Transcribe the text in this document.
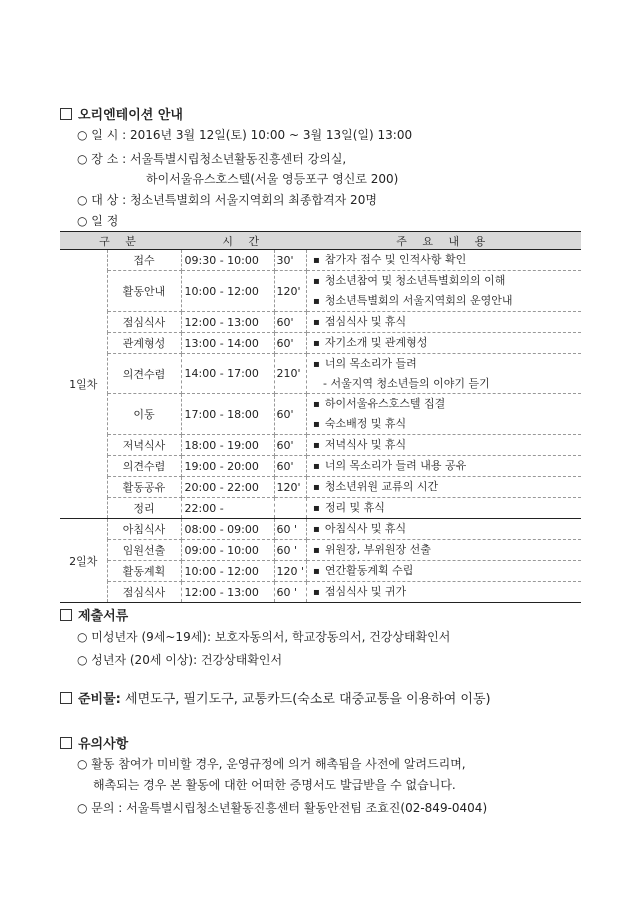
오리엔테이션 안내
○ 일 시 : 2016년 3월 12일(토) 10:00 ~ 3월 13일(일) 13:00
○ 장 소 : 서울특별시립청소년활동진흥센터 강의실,
하이서울유스호스텔(서울 영등포구 영신로 200)
○ 대 상 : 청소년특별회의 서울지역회의 최종합격자 20명
○ 일 정
구 분		시 간		주 요 내 용
1일차	접수	09:30 - 10:00	30'	▪ 참가자 접수 및 인적사항 확인

	활동안내	10:00 - 12:00	120'	▪ 청소년참여 및 청소년특별회의의 이해
▪ 청소년특별회의 서울지역회의 운영안내

	점심식사	12:00 - 13:00	60'	▪ 점심식사 및 휴식

	관계형성	13:00 - 14:00	60'	▪ 자기소개 및 관계형성

	의견수렴	14:00 - 17:00	210'	▪ 너의 목소리가 들려
- 서울지역 청소년들의 이야기 듣기

	이동	17:00 - 18:00	60'	▪ 하이서울유스호스텔 집결
▪ 숙소배정 및 휴식

	저녁식사	18:00 - 19:00	60'	▪ 저녁식사 및 휴식

	의견수렴	19:00 - 20:00	60'	▪ 너의 목소리가 들려 내용 공유

	활동공유	20:00 - 22:00	120'	▪ 청소년위원 교류의 시간

	정리	22:00 -		▪ 정리 및 휴식

2일차	아침식사	08:00 - 09:00	60 '	▪ 아침식사 및 휴식

	임원선출	09:00 - 10:00	60 '	▪ 위원장, 부위원장 선출

	활동계획	10:00 - 12:00	120 '	▪ 연간활동계획 수립

	점심식사	12:00 - 13:00	60 '	▪ 점심식사 및 귀가
제출서류
○ 미성년자 (9세~19세): 보호자동의서, 학교장동의서, 건강상태확인서
○ 성년자 (20세 이상): 건강상태확인서
준비물: 세면도구, 필기도구, 교통카드(숙소로 대중교통을 이용하여 이동)
유의사항
○ 활동 참여가 미비할 경우, 운영규정에 의거 해촉됨을 사전에 알려드리며,
해촉되는 경우 본 활동에 대한 어떠한 증명서도 발급받을 수 없습니다.
○ 문의 : 서울특별시립청소년활동진흥센터 활동안전팀 조효진(02-849-0404)
